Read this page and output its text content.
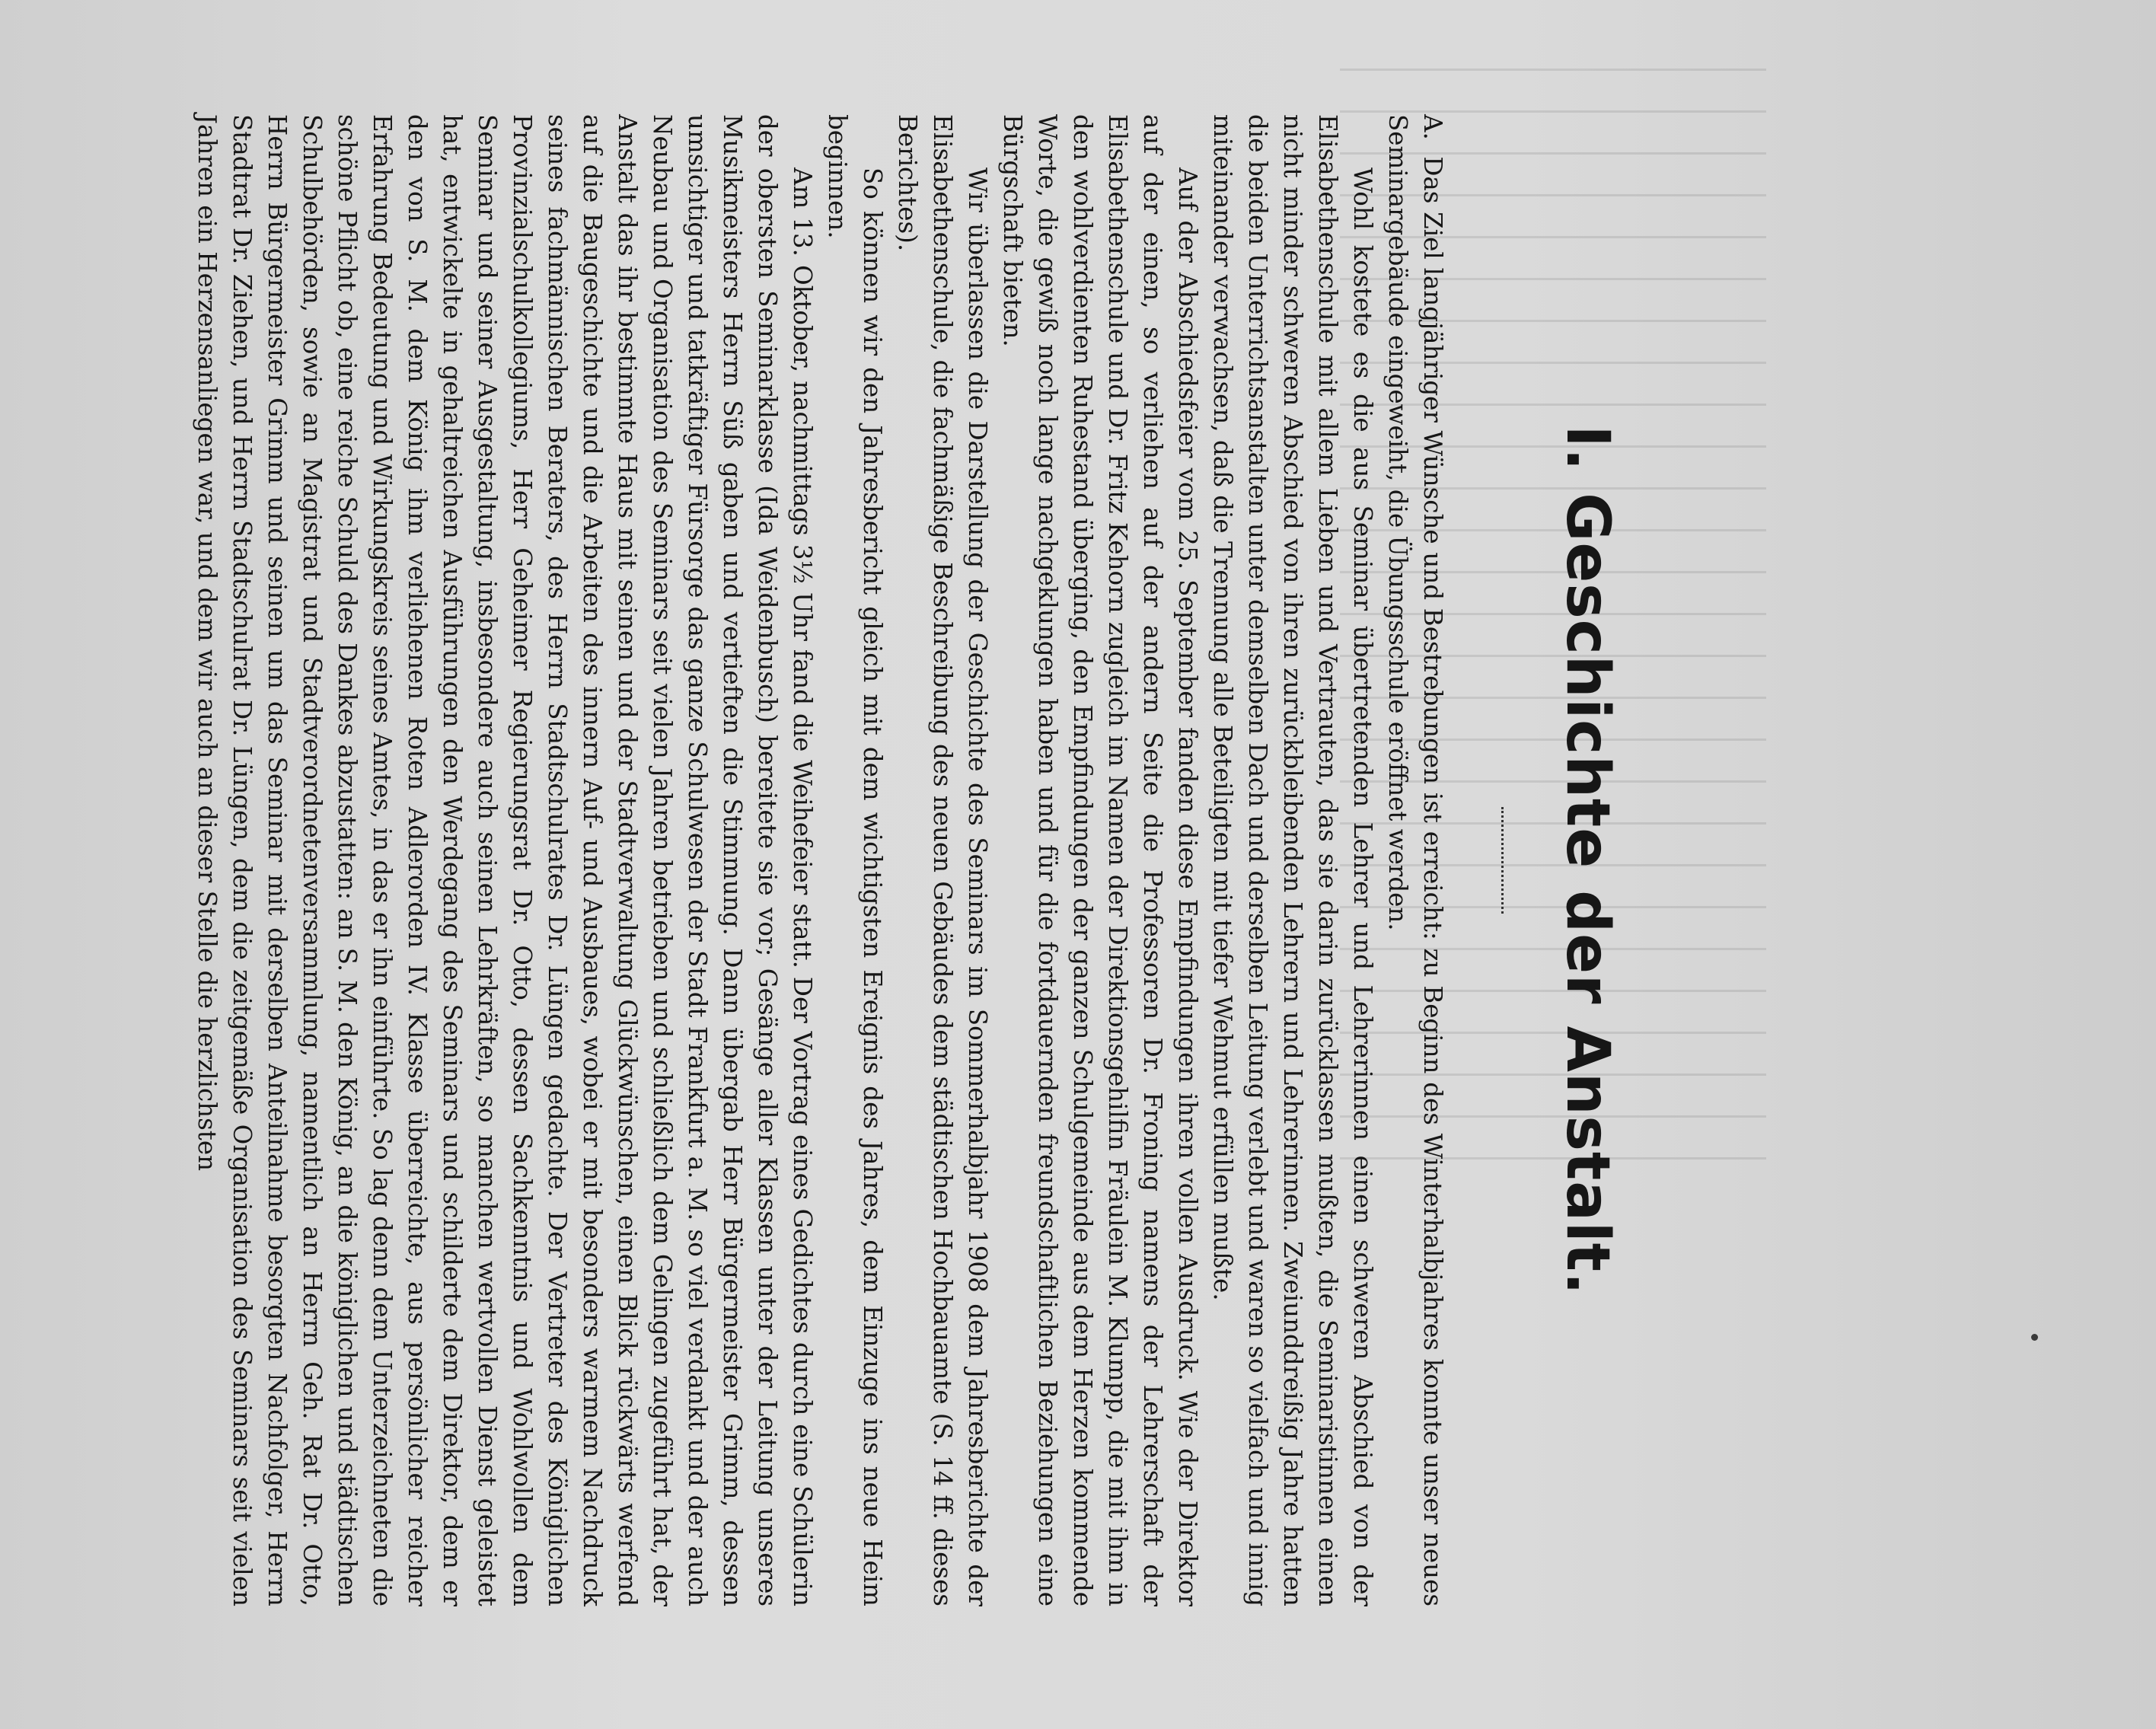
I. Geschichte der Anstalt.

A.  Das Ziel langjähriger Wünsche und Bestrebungen ist erreicht: zu Beginn des Winterhalbjahres konnte unser neues Seminargebäude eingeweiht, die Übungsschule eröffnet werden.

Wohl kostete es die aus Seminar übertretenden Lehrer und Lehrerinnen einen schweren Abschied von der Elisabethenschule mit allem Lieben und Vertrauten, das sie darin zurücklassen mußten, die Seminaristinnen einen nicht minder schweren Abschied von ihren zurückbleibenden Lehrern und Lehrerinnen. Zweiunddreißig Jahre hatten die beiden Unterrichtsanstalten unter demselben Dach und derselben Leitung verlebt und waren so vielfach und innig miteinander verwachsen, daß die Trennung alle Beteiligten mit tiefer Wehmut erfüllen mußte.

Auf der Abschiedsfeier vom 25. September fanden diese Empfindungen ihren vollen Ausdruck. Wie der Direktor auf der einen, so verliehen auf der andern Seite die Professoren Dr. Froning namens der Lehrerschaft der Elisabethenschule und Dr. Fritz Kehorn zugleich im Namen der Direktionsgehilfin Fräulein M. Klumpp, die mit ihm in den wohlverdienten Ruhestand überging, den Empfindungen der ganzen Schulgemeinde aus dem Herzen kommende Worte, die gewiß noch lange nachgeklungen haben und für die fortdauernden freundschaftlichen Beziehungen eine Bürgschaft bieten.

Wir überlassen die Darstellung der Geschichte des Seminars im Sommerhalbjahr 1908 dem Jahresberichte der Elisabethenschule, die fachmäßige Beschreibung des neuen Gebäudes dem städtischen Hochbauamte (S. 14 ff. dieses Berichtes).

So können wir den Jahresbericht gleich mit dem wichtigsten Ereignis des Jahres, dem Einzuge ins neue Heim beginnen.

Am 13. Oktober, nachmittags 3½ Uhr fand die Weihefeier statt. Der Vortrag eines Gedichtes durch eine Schülerin der obersten Seminarklasse (Ida Weidenbusch) bereitete sie vor; Gesänge aller Klassen unter der Leitung unseres Musikmeisters Herrn Süß gaben und vertieften die Stimmung. Dann übergab Herr Bürgermeister Grimm, dessen umsichtiger und tatkräftiger Fürsorge das ganze Schulwesen der Stadt Frankfurt a. M. so viel verdankt und der auch Neubau und Organisation des Seminars seit vielen Jahren betrieben und schließlich dem Gelingen zugeführt hat, der Anstalt das ihr bestimmte Haus mit seinen und der Stadtverwaltung Glückwünschen, einen Blick rückwärts werfend auf die Baugeschichte und die Arbeiten des innern Auf- und Ausbaues, wobei er mit besonders warmem Nachdruck seines fachmännischen Beraters, des Herrn Stadtschulrates Dr. Lüngen gedachte. Der Vertreter des Königlichen Provinzialschulkollegiums, Herr Geheimer Regierungsrat Dr. Otto, dessen Sachkenntnis und Wohlwollen dem Seminar und seiner Ausgestaltung, insbesondere auch seinen Lehrkräften, so manchen wertvollen Dienst geleistet hat, entwickelte in gehaltreichen Ausführungen den Werdegang des Seminars und schilderte dem Direktor, dem er den von S. M. dem König ihm verliehenen Roten Adlerorden IV. Klasse überreichte, aus persönlicher reicher Erfahrung Bedeutung und Wirkungskreis seines Amtes, in das er ihn einführte. So lag denn dem Unterzeichneten die schöne Pflicht ob, eine reiche Schuld des Dankes abzustatten: an S. M. den König, an die königlichen und städtischen Schulbehörden, sowie an Magistrat und Stadtverordnetenversammlung, namentlich an Herrn Geh. Rat Dr. Otto, Herrn Bürgermeister Grimm und seinen um das Seminar mit derselben Anteilnahme besorgten Nachfolger, Herrn Stadtrat Dr. Ziehen, und Herrn Stadtschulrat Dr. Lüngen, dem die zeitgemäße Organisation des Seminars seit vielen Jahren ein Herzensanliegen war, und dem wir auch an dieser Stelle die herzlichsten
